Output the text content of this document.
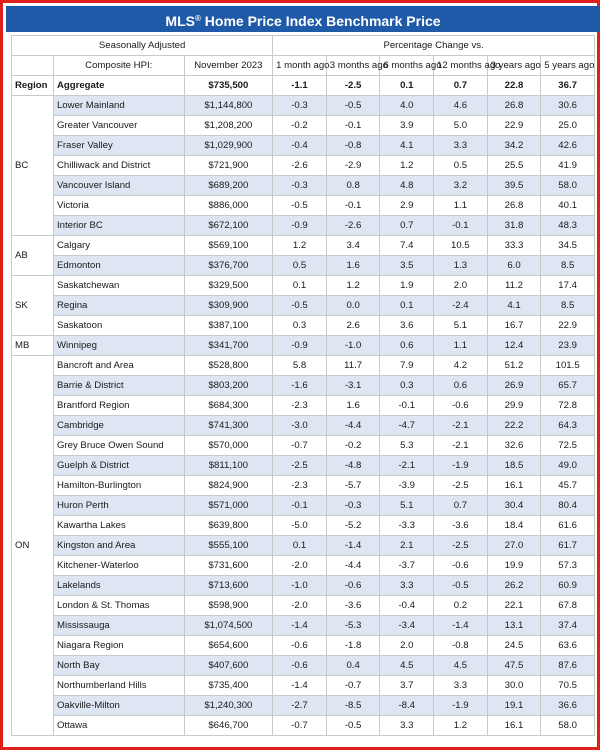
MLS® Home Price Index Benchmark Price
Seasonally Adjusted			Percentage Change vs.					
	Composite HPI:	November 2023	1 month ago	3 months ago	6 months ago	12 months ago	3 years ago	5 years ago
Region	Aggregate	$735,500	-1.1	-2.5	0.1	0.7	22.8	36.7
BC	Lower Mainland	$1,144,800	-0.3	-0.5	4.0	4.6	26.8	30.6
	Greater Vancouver	$1,208,200	-0.2	-0.1	3.9	5.0	22.9	25.0
	Fraser Valley	$1,029,900	-0.4	-0.8	4.1	3.3	34.2	42.6
	Chilliwack and District	$721,900	-2.6	-2.9	1.2	0.5	25.5	41.9
	Vancouver Island	$689,200	-0.3	0.8	4.8	3.2	39.5	58.0
	Victoria	$886,000	-0.5	-0.1	2.9	1.1	26.8	40.1
	Interior BC	$672,100	-0.9	-2.6	0.7	-0.1	31.8	48.3
AB	Calgary	$569,100	1.2	3.4	7.4	10.5	33.3	34.5
	Edmonton	$376,700	0.5	1.6	3.5	1.3	6.0	8.5
SK	Saskatchewan	$329,500	0.1	1.2	1.9	2.0	11.2	17.4
	Regina	$309,900	-0.5	0.0	0.1	-2.4	4.1	8.5
	Saskatoon	$387,100	0.3	2.6	3.6	5.1	16.7	22.9
MB	Winnipeg	$341,700	-0.9	-1.0	0.6	1.1	12.4	23.9
ON	Bancroft and Area	$528,800	5.8	11.7	7.9	4.2	51.2	101.5
	Barrie & District	$803,200	-1.6	-3.1	0.3	0.6	26.9	65.7
	Brantford Region	$684,300	-2.3	1.6	-0.1	-0.6	29.9	72.8
	Cambridge	$741,300	-3.0	-4.4	-4.7	-2.1	22.2	64.3
	Grey Bruce Owen Sound	$570,000	-0.7	-0.2	5.3	-2.1	32.6	72.5
	Guelph & District	$811,100	-2.5	-4.8	-2.1	-1.9	18.5	49.0
	Hamilton-Burlington	$824,900	-2.3	-5.7	-3.9	-2.5	16.1	45.7
	Huron Perth	$571,000	-0.1	-0.3	5.1	0.7	30.4	80.4
	Kawartha Lakes	$639,800	-5.0	-5.2	-3.3	-3.6	18.4	61.6
	Kingston and Area	$555,100	0.1	-1.4	2.1	-2.5	27.0	61.7
	Kitchener-Waterloo	$731,600	-2.0	-4.4	-3.7	-0.6	19.9	57.3
	Lakelands	$713,600	-1.0	-0.6	3.3	-0.5	26.2	60.9
	London & St. Thomas	$598,900	-2.0	-3.6	-0.4	0.2	22.1	67.8
	Mississauga	$1,074,500	-1.4	-5.3	-3.4	-1.4	13.1	37.4
	Niagara Region	$654,600	-0.6	-1.8	2.0	-0.8	24.5	63.6
	North Bay	$407,600	-0.6	0.4	4.5	4.5	47.5	87.6
	Northumberland Hills	$735,400	-1.4	-0.7	3.7	3.3	30.0	70.5
	Oakville-Milton	$1,240,300	-2.7	-8.5	-8.4	-1.9	19.1	36.6
	Ottawa	$646,700	-0.7	-0.5	3.3	1.2	16.1	58.0
